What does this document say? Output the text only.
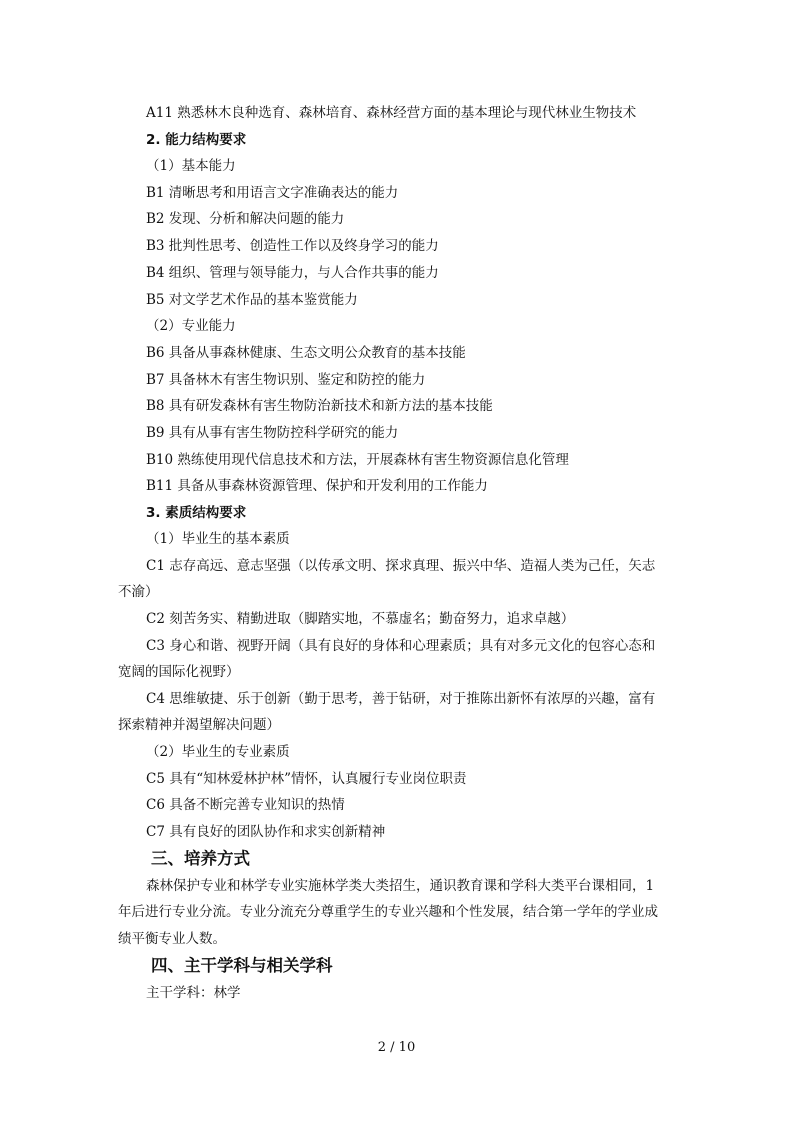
A11 熟悉林木良种选育、森林培育、森林经营方面的基本理论与现代林业生物技术
2. 能力结构要求
（1）基本能力
B1 清晰思考和用语言文字准确表达的能力
B2 发现、分析和解决问题的能力
B3 批判性思考、创造性工作以及终身学习的能力
B4 组织、管理与领导能力，与人合作共事的能力
B5 对文学艺术作品的基本鉴赏能力
（2）专业能力
B6 具备从事森林健康、生态文明公众教育的基本技能
B7 具备林木有害生物识别、鉴定和防控的能力
B8 具有研发森林有害生物防治新技术和新方法的基本技能
B9 具有从事有害生物防控科学研究的能力
B10 熟练使用现代信息技术和方法，开展森林有害生物资源信息化管理
B11 具备从事森林资源管理、保护和开发利用的工作能力
3. 素质结构要求
（1）毕业生的基本素质
C1 志存高远、意志坚强（以传承文明、探求真理、振兴中华、造福人类为己任，矢志
不渝）
C2 刻苦务实、精勤进取（脚踏实地，不慕虚名；勤奋努力，追求卓越）
C3 身心和谐、视野开阔（具有良好的身体和心理素质；具有对多元文化的包容心态和
宽阔的国际化视野）
C4 思维敏捷、乐于创新（勤于思考，善于钻研，对于推陈出新怀有浓厚的兴趣，富有
探索精神并渴望解决问题）
（2）毕业生的专业素质
C5 具有“知林爱林护林”情怀，认真履行专业岗位职责
C6 具备不断完善专业知识的热情
C7 具有良好的团队协作和求实创新精神
三、培养方式
森林保护专业和林学专业实施林学类大类招生，通识教育课和学科大类平台课相同，1
年后进行专业分流。专业分流充分尊重学生的专业兴趣和个性发展，结合第一学年的学业成
绩平衡专业人数。
四、主干学科与相关学科
主干学科：林学
2 / 10
